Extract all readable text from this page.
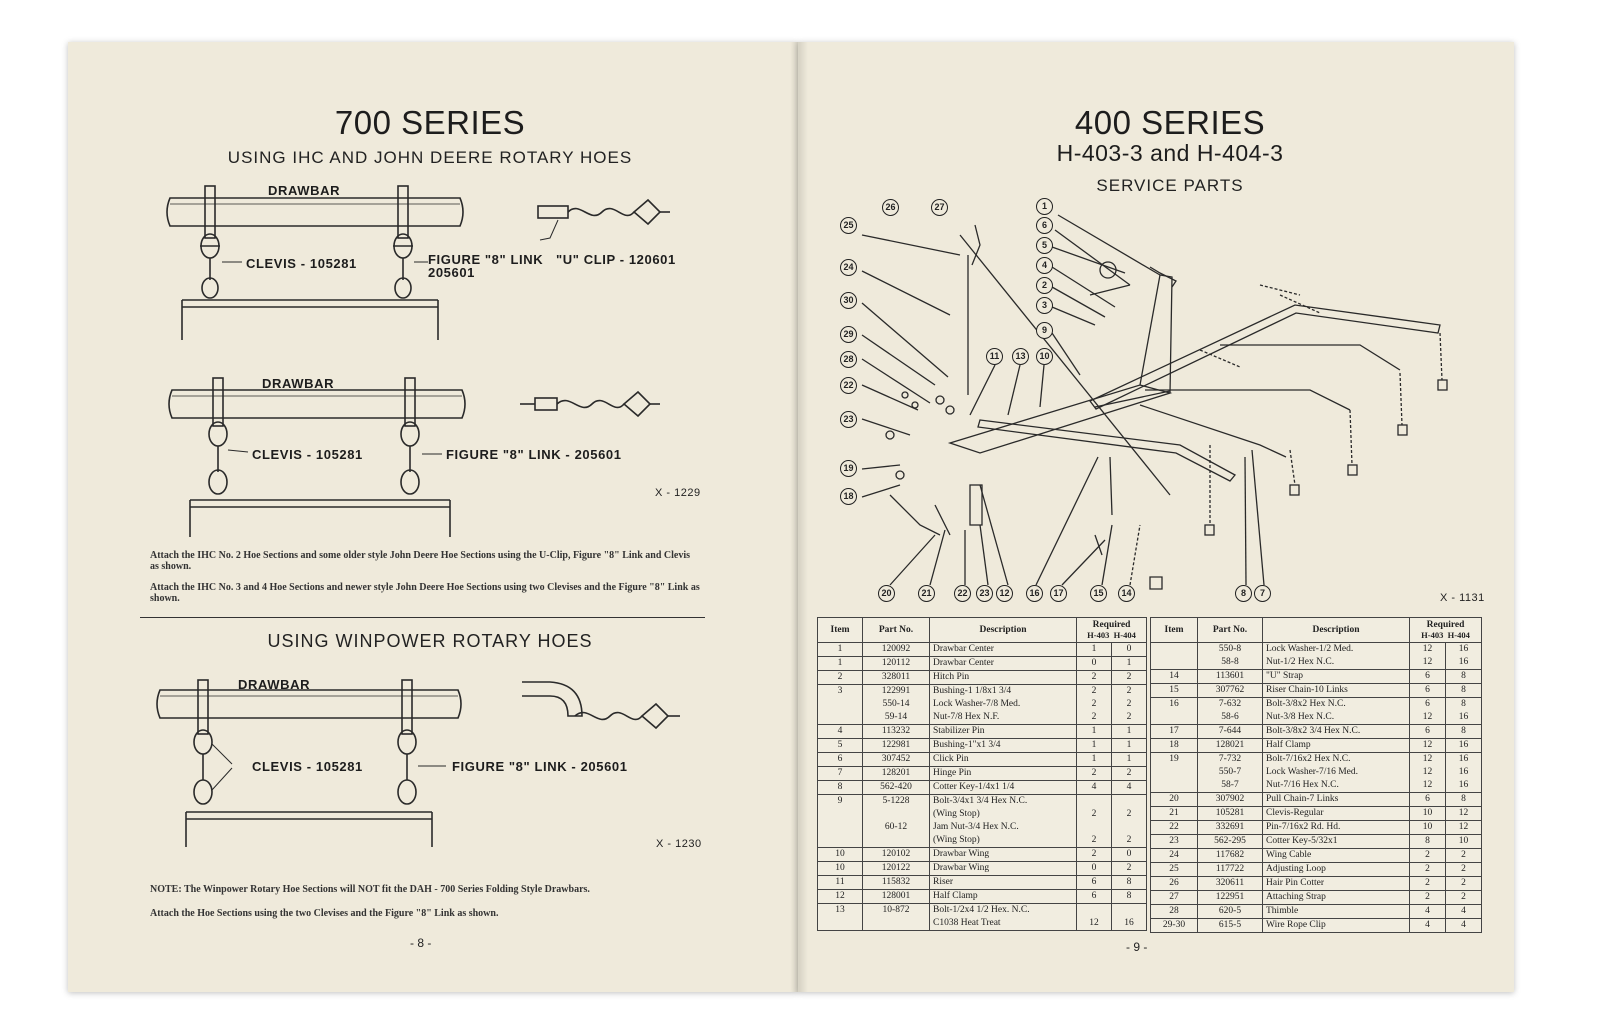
700 SERIES
USING IHC AND JOHN DEERE ROTARY HOES
DRAWBAR
CLEVIS - 105281	FIGURE "8" LINK
205601
"U" CLIP - 120601
DRAWBAR
CLEVIS - 105281	FIGURE "8" LINK - 205601
X - 1229
Attach the IHC No. 2 Hoe Sections and some older style John Deere Hoe Sections using the U-Clip, Figure "8" Link and Clevis as shown.
Attach the IHC No. 3 and 4 Hoe Sections and newer style John Deere Hoe Sections using two Clevises and the Figure "8" Link as shown.
USING WINPOWER ROTARY HOES
DRAWBAR
CLEVIS - 105281	FIGURE "8" LINK - 205601
X - 1230
NOTE: The Winpower Rotary Hoe Sections will NOT fit the DAH - 700 Series Folding Style Drawbars.
Attach the Hoe Sections using the two Clevises and the Figure "8" Link as shown.
- 8 -
400 SERIES
H-403-3 and H-404-3
SERVICE PARTS
26	27
25
1
6
5
4
2
3
9
24
30
29
28	11	13	10
22
23
19
18
20	21	22	23	12	16	17	15	14	8	7	X - 1131
Item	Part No.	Description	Required
H-403 H-404	

1	120092	Drawbar Center	1	0
1	120112	Drawbar Center	0	1
2	328011	Hitch Pin	2	2
3	122991	Bushing-1 1/8x1 3/4	2	2
	550-14	Lock Washer-7/8 Med.	2	2
	59-14	Nut-7/8 Hex N.F.	2	2
4	113232	Stabilizer Pin	1	1
5	122981	Bushing-1"x1 3/4	1	1
6	307452	Click Pin	1	1
7	128201	Hinge Pin	2	2
8	562-420	Cotter Key-1/4x1 1/4	4	4
9	5-1228	Bolt-3/4x1 3/4 Hex N.C.
(Wing Stop)	2	2
	60-12	Jam Nut-3/4 Hex N.C.
(Wing Stop)	2	2
10	120102	Drawbar Wing	2	0
10	120122	Drawbar Wing	0	2
11	115832	Riser	6	8
12	128001	Half Clamp	6	8
13	10-872	Bolt-1/2x4 1/2 Hex. N.C.
C1038 Heat Treat	12	16
Item	Part No.	Description	Required
H-403 H-404	

	550-8	Lock Washer-1/2 Med.	12	16
	58-8	Nut-1/2 Hex N.C.	12	16
14	113601	"U" Strap	6	8
15	307762	Riser Chain-10 Links	6	8
16	7-632	Bolt-3/8x2 Hex N.C.	6	8
	58-6	Nut-3/8 Hex N.C.	12	16
17	7-644	Bolt-3/8x2 3/4 Hex N.C.	6	8
18	128021	Half Clamp	12	16
19	7-732	Bolt-7/16x2 Hex N.C.	12	16
	550-7	Lock Washer-7/16 Med.	12	16
	58-7	Nut-7/16 Hex N.C.	12	16
20	307902	Pull Chain-7 Links	6	8
21	105281	Clevis-Regular	10	12
22	332691	Pin-7/16x2 Rd. Hd.	10	12
23	562-295	Cotter Key-5/32x1	8	10
24	117682	Wing Cable	2	2
25	117722	Adjusting Loop	2	2
26	320611	Hair Pin Cotter	2	2
27	122951	Attaching Strap	2	2
28	620-5	Thimble	4	4
29-30	615-5	Wire Rope Clip	4	4
- 9 -
